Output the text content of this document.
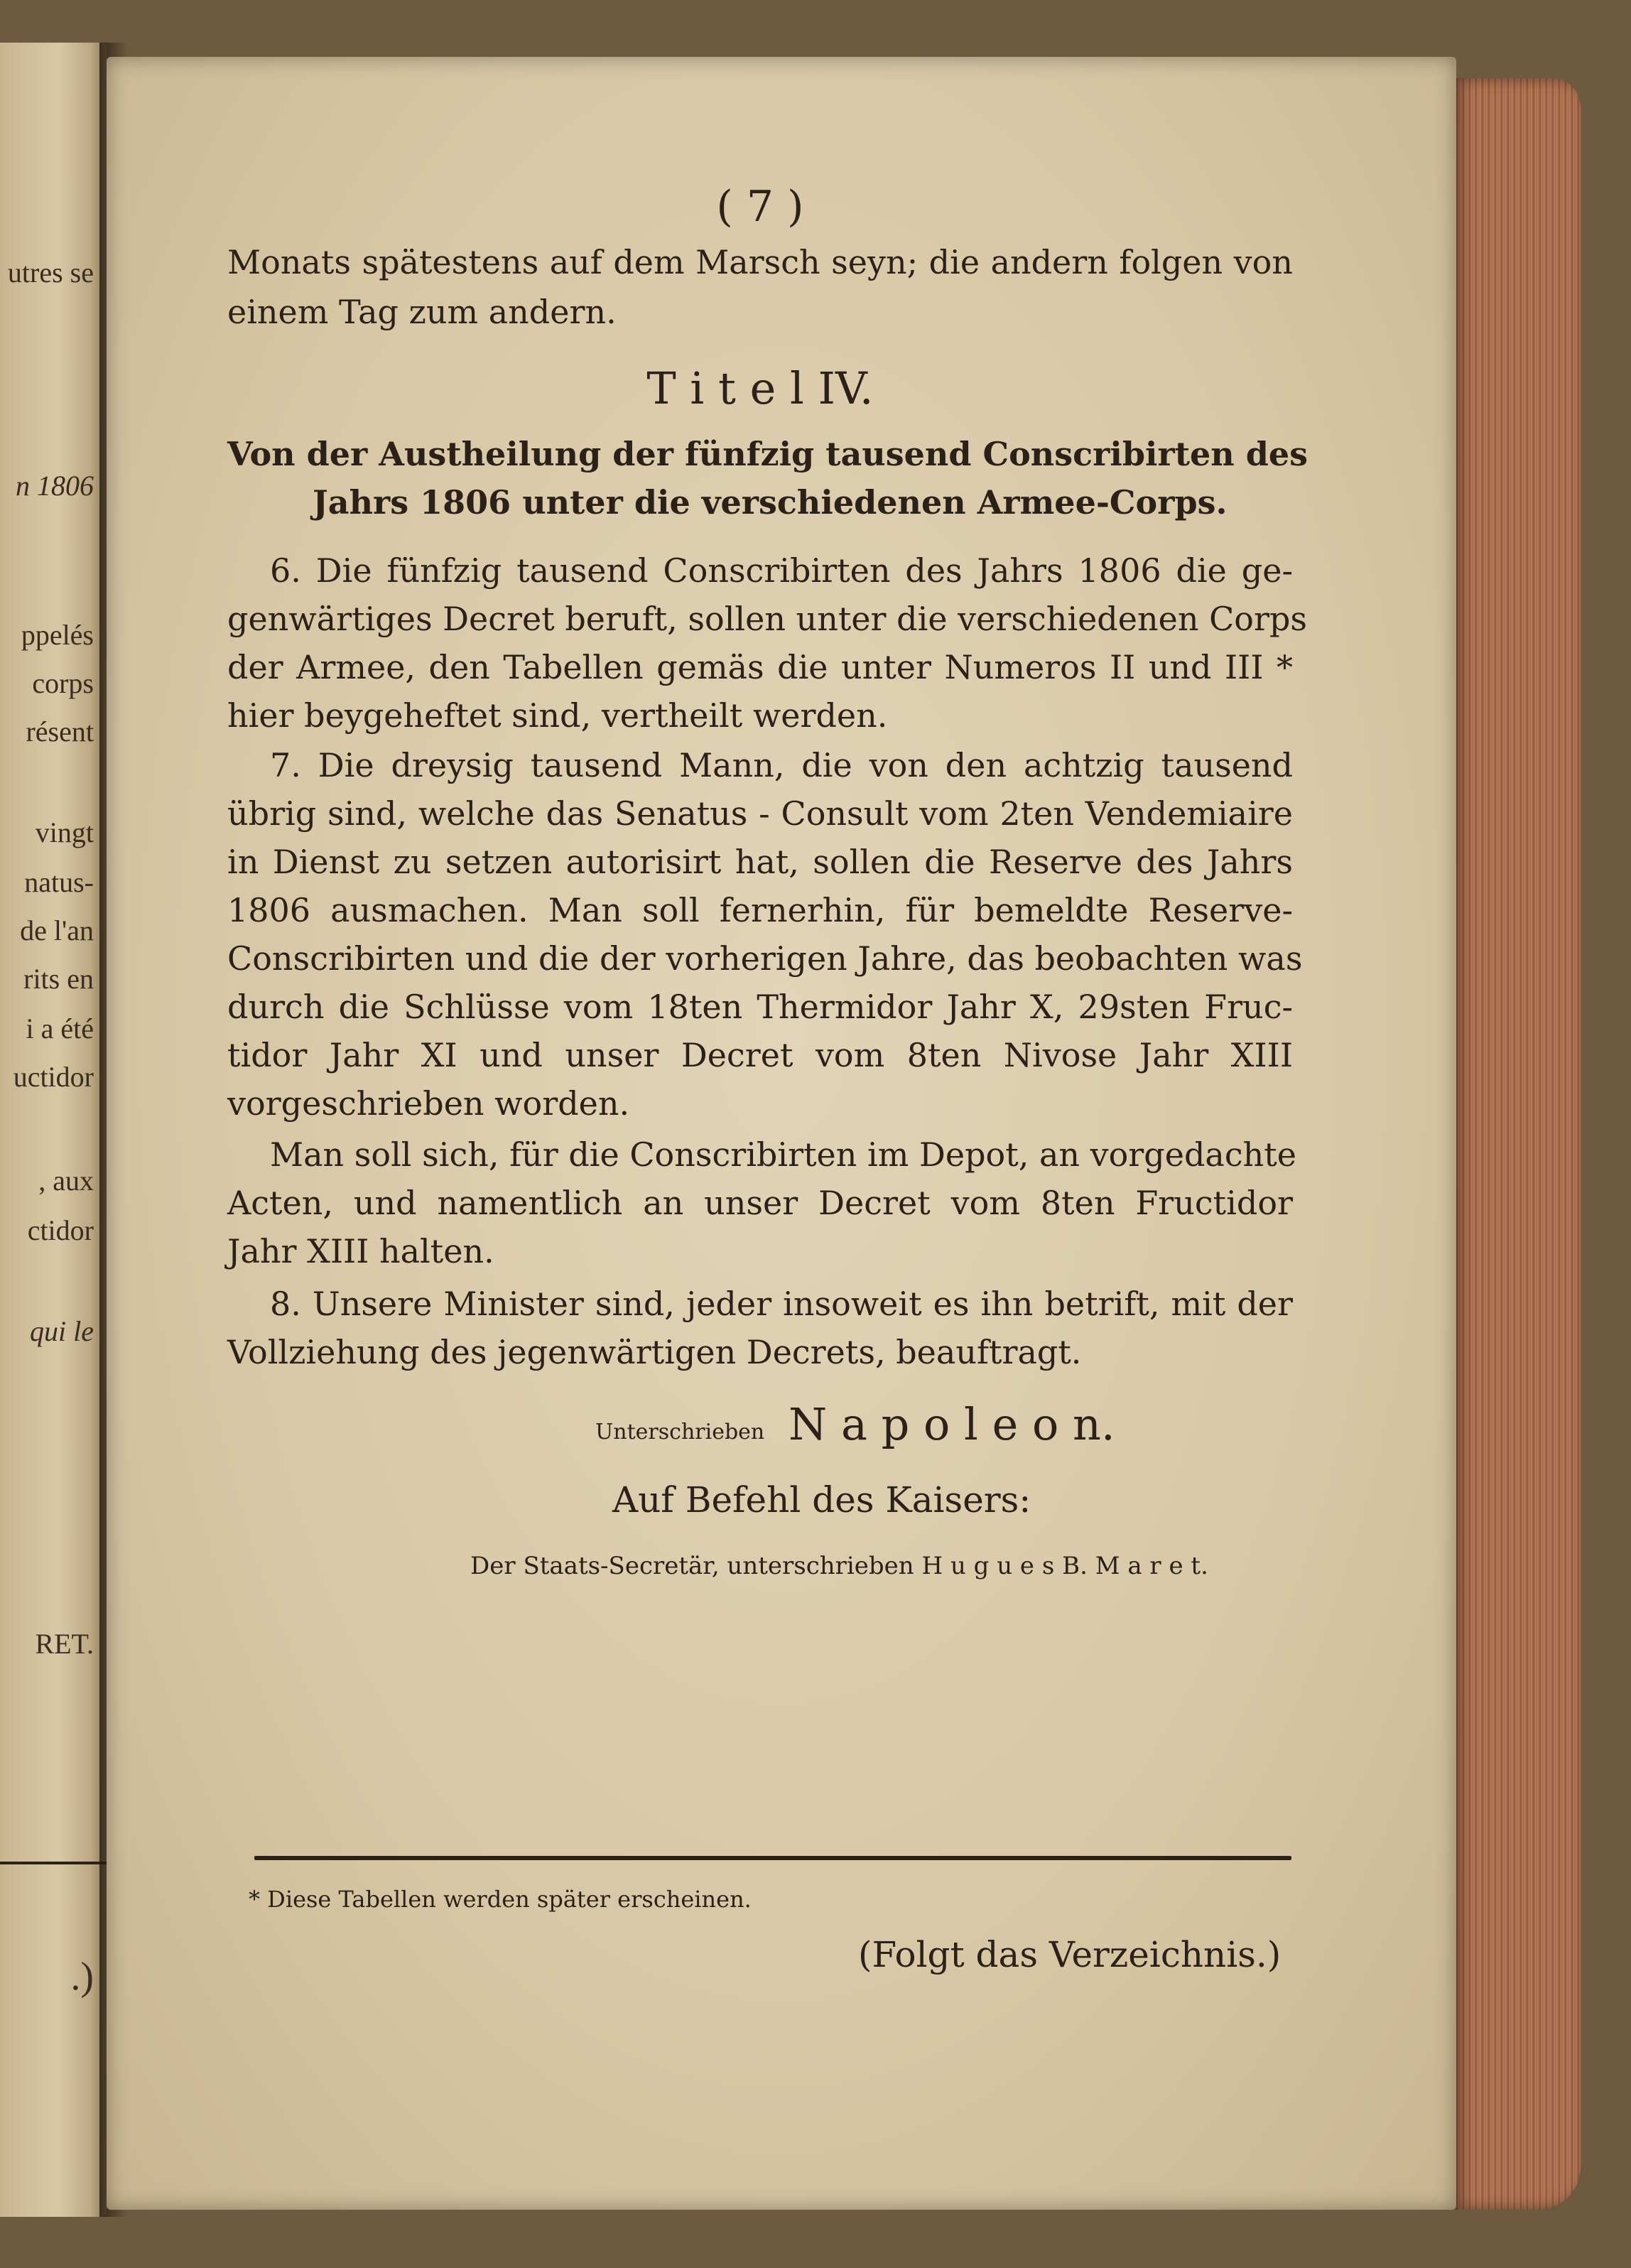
utres se
n 1806
ppelés
corps
résent
vingt
natus-
de l'an
rits en
i a été
uctidor
, aux
ctidor
qui le
RET.
.)
( 7 )
Monats spätestens auf dem Marsch seyn; die andern folgen von
einem Tag zum andern.
T i t e l IV.
Von der Austheilung der fünfzig tausend Conscribirten des
Jahrs 1806 unter die verschiedenen Armee-Corps.
6. Die fünfzig tausend Conscribirten des Jahrs 1806 die ge-
genwärtiges Decret beruft, sollen unter die verschiedenen Corps
der Armee, den Tabellen gemäs die unter Numeros II und III *
hier beygeheftet sind, vertheilt werden.
7. Die dreysig tausend Mann, die von den achtzig tausend
übrig sind, welche das Senatus - Consult vom 2ten Vendemiaire
in Dienst zu setzen autorisirt hat, sollen die Reserve des Jahrs
1806 ausmachen. Man soll fernerhin, für bemeldte Reserve-
Conscribirten und die der vorherigen Jahre, das beobachten was
durch die Schlüsse vom 18ten Thermidor Jahr X, 29sten Fruc-
tidor Jahr XI und unser Decret vom 8ten Nivose Jahr XIII
vorgeschrieben worden.
Man soll sich, für die Conscribirten im Depot, an vorgedachte
Acten, und namentlich an unser Decret vom 8ten Fructidor
Jahr XIII halten.
8. Unsere Minister sind, jeder insoweit es ihn betrift, mit der
Vollziehung des jegenwärtigen Decrets, beauftragt.
Unterschrieben N a p o l e o n.
Auf Befehl des Kaisers:
Der Staats-Secretär, unterschrieben H u g u e s B. M a r e t.
* Diese Tabellen werden später erscheinen.
(Folgt das Verzeichnis.)
